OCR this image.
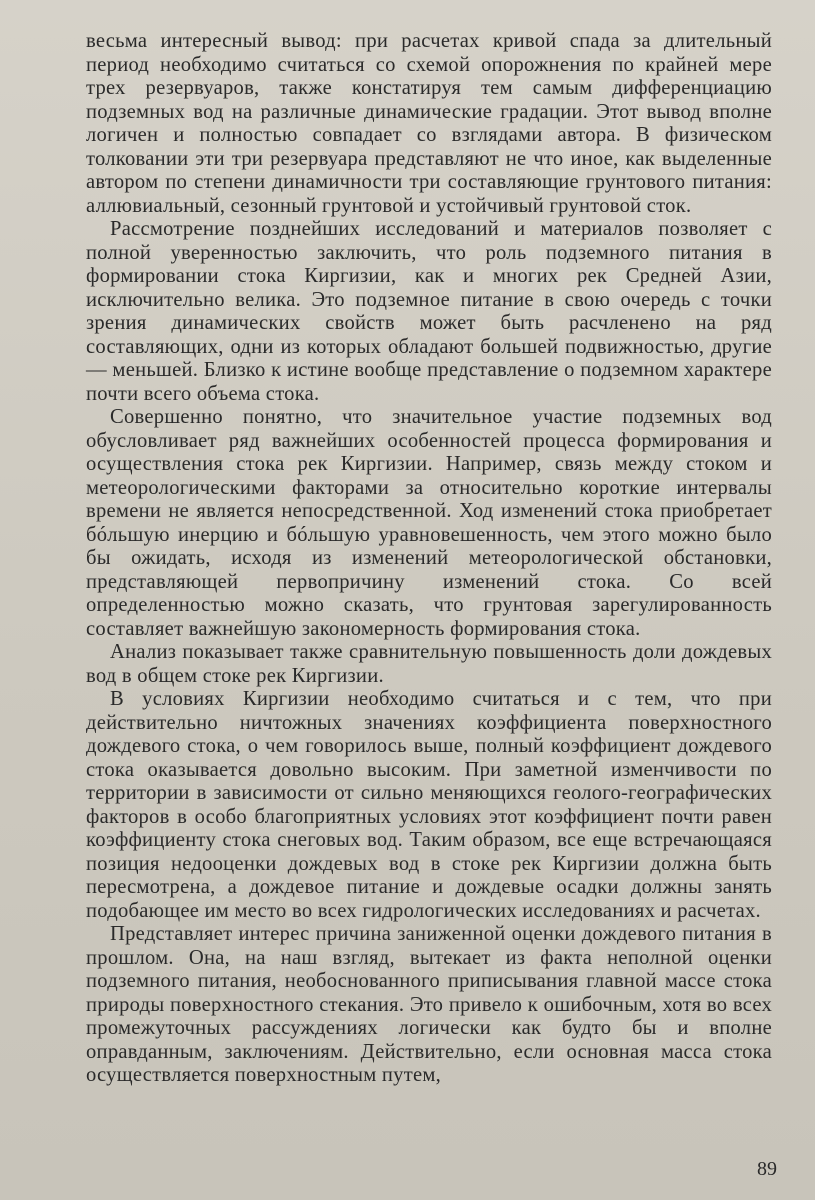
весьма интересный вывод: при расчетах кривой спада за длительный период необходимо считаться со схемой опорожнения по крайней мере трех резервуаров, также констатируя тем самым дифференциацию подземных вод на различные динамические градации. Этот вывод вполне логичен и полностью совпадает со взглядами автора. В физическом толковании эти три резервуара представляют не что иное, как выделенные автором по степени динамичности три составляющие грунтового питания: аллювиальный, сезонный грунтовой и устойчивый грунтовой сток.

Рассмотрение позднейших исследований и материалов позволяет с полной уверенностью заключить, что роль подземного питания в формировании стока Киргизии, как и многих рек Средней Азии, исключительно велика. Это подземное питание в свою очередь с точки зрения динамических свойств может быть расчленено на ряд составляющих, одни из которых обладают большей подвижностью, другие — меньшей. Близко к истине вообще представление о подземном характере почти всего объема стока.

Совершенно понятно, что значительное участие подземных вод обусловливает ряд важнейших особенностей процесса формирования и осуществления стока рек Киргизии. Например, связь между стоком и метеорологическими факторами за относительно короткие интервалы времени не является непосредственной. Ход изменений стока приобретает бóльшую инерцию и бóльшую уравновешенность, чем этого можно было бы ожидать, исходя из изменений метеорологической обстановки, представляющей первопричину изменений стока. Со всей определенностью можно сказать, что грунтовая зарегулированность составляет важнейшую закономерность формирования стока.

Анализ показывает также сравнительную повышенность доли дождевых вод в общем стоке рек Киргизии.

В условиях Киргизии необходимо считаться и с тем, что при действительно ничтожных значениях коэффициента поверхностного дождевого стока, о чем говорилось выше, полный коэффициент дождевого стока оказывается довольно высоким. При заметной изменчивости по территории в зависимости от сильно меняющихся геолого-географических факторов в особо благоприятных условиях этот коэффициент почти равен коэффициенту стока снеговых вод. Таким образом, все еще встречающаяся позиция недооценки дождевых вод в стоке рек Киргизии должна быть пересмотрена, а дождевое питание и дождевые осадки должны занять подобающее им место во всех гидрологических исследованиях и расчетах.

Представляет интерес причина заниженной оценки дождевого питания в прошлом. Она, на наш взгляд, вытекает из факта неполной оценки подземного питания, необоснованного приписывания главной массе стока природы поверхностного стекания. Это привело к ошибочным, хотя во всех промежуточных рассуждениях логически как будто бы и вполне оправданным, заключениям. Действительно, если основная масса стока осуществляется поверхностным путем,

89
